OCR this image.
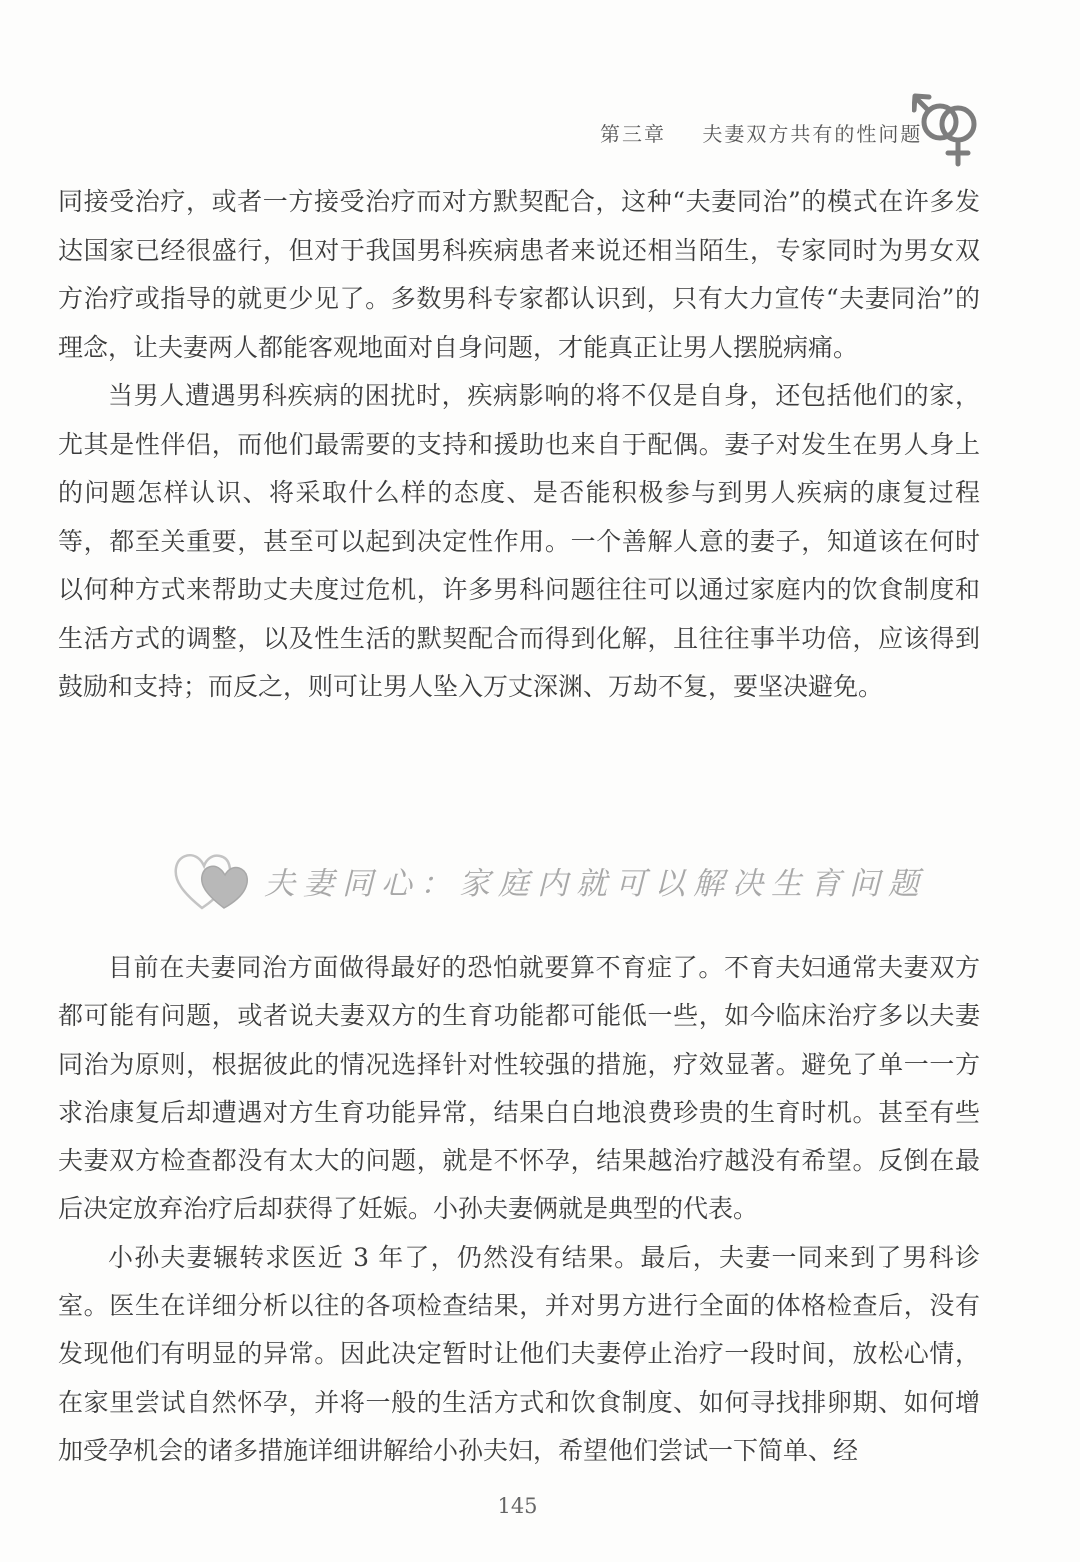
第三章 夫妻双方共有的性问题

同接受治疗，或者一方接受治疗而对方默契配合，这种“夫妻同治”的模式在许多发达国家已经很盛行，但对于我国男科疾病患者来说还相当陌生，专家同时为男女双方治疗或指导的就更少见了。多数男科专家都认识到，只有大力宣传“夫妻同治”的理念，让夫妻两人都能客观地面对自身问题，才能真正让男人摆脱病痛。

当男人遭遇男科疾病的困扰时，疾病影响的将不仅是自身，还包括他们的家，尤其是性伴侣，而他们最需要的支持和援助也来自于配偶。妻子对发生在男人身上的问题怎样认识、将采取什么样的态度、是否能积极参与到男人疾病的康复过程等，都至关重要，甚至可以起到决定性作用。一个善解人意的妻子，知道该在何时以何种方式来帮助丈夫度过危机，许多男科问题往往可以通过家庭内的饮食制度和生活方式的调整，以及性生活的默契配合而得到化解，且往往事半功倍，应该得到鼓励和支持；而反之，则可让男人坠入万丈深渊、万劫不复，要坚决避免。

夫妻同心：家庭内就可以解决生育问题

目前在夫妻同治方面做得最好的恐怕就要算不育症了。不育夫妇通常夫妻双方都可能有问题，或者说夫妻双方的生育功能都可能低一些，如今临床治疗多以夫妻同治为原则，根据彼此的情况选择针对性较强的措施，疗效显著。避免了单一一方求治康复后却遭遇对方生育功能异常，结果白白地浪费珍贵的生育时机。甚至有些夫妻双方检查都没有太大的问题，就是不怀孕，结果越治疗越没有希望。反倒在最后决定放弃治疗后却获得了妊娠。小孙夫妻俩就是典型的代表。

小孙夫妻辗转求医近 3 年了，仍然没有结果。最后，夫妻一同来到了男科诊室。医生在详细分析以往的各项检查结果，并对男方进行全面的体格检查后，没有发现他们有明显的异常。因此决定暂时让他们夫妻停止治疗一段时间，放松心情，在家里尝试自然怀孕，并将一般的生活方式和饮食制度、如何寻找排卵期、如何增加受孕机会的诸多措施详细讲解给小孙夫妇，希望他们尝试一下简单、经

145
